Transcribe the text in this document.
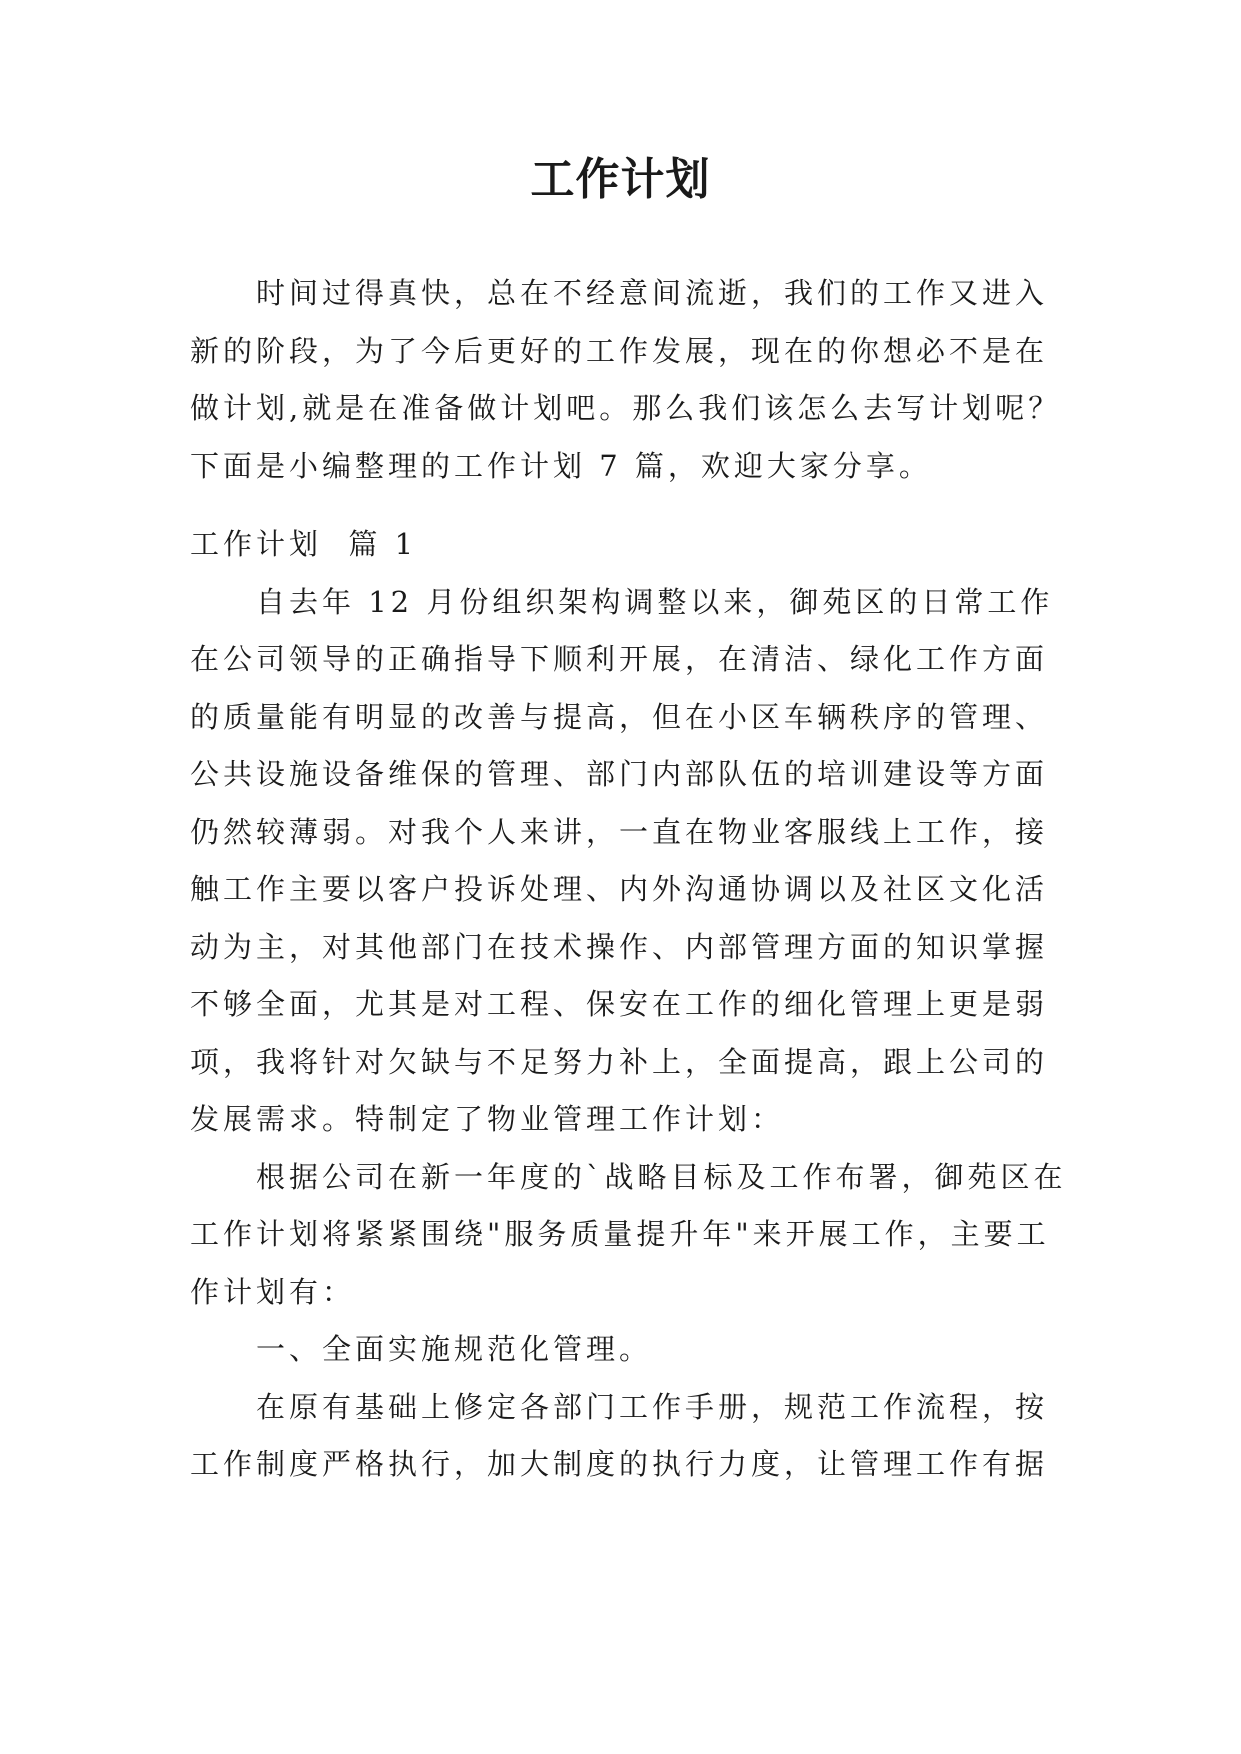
工作计划

时间过得真快，总在不经意间流逝，我们的工作又进入新的阶段，为了今后更好的工作发展，现在的你想必不是在做计划,就是在准备做计划吧。那么我们该怎么去写计划呢？下面是小编整理的工作计划 7 篇，欢迎大家分享。

工作计划  篇 1

自去年 12 月份组织架构调整以来，御苑区的日常工作在公司领导的正确指导下顺利开展，在清洁、绿化工作方面的质量能有明显的改善与提高，但在小区车辆秩序的管理、公共设施设备维保的管理、部门内部队伍的培训建设等方面仍然较薄弱。对我个人来讲，一直在物业客服线上工作，接触工作主要以客户投诉处理、内外沟通协调以及社区文化活动为主，对其他部门在技术操作、内部管理方面的知识掌握不够全面，尤其是对工程、保安在工作的细化管理上更是弱项，我将针对欠缺与不足努力补上，全面提高，跟上公司的发展需求。特制定了物业管理工作计划：

根据公司在新一年度的`战略目标及工作布署，御苑区在工作计划将紧紧围绕"服务质量提升年"来开展工作，主要工作计划有：

一、全面实施规范化管理。

在原有基础上修定各部门工作手册，规范工作流程，按工作制度严格执行，加大制度的执行力度，让管理工作有据
